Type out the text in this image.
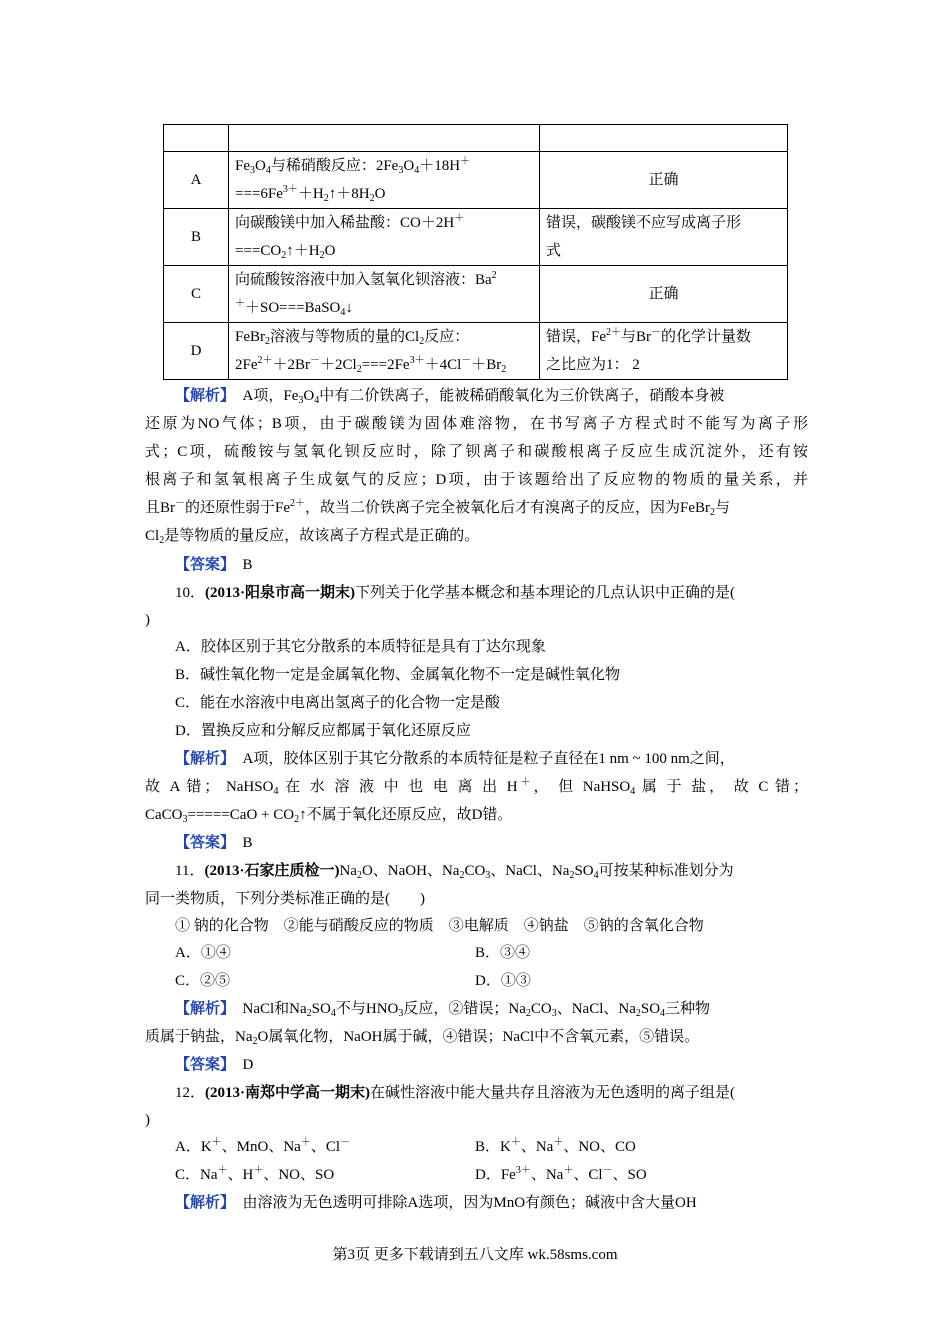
A	$Fe_3O_4$与稀硝酸反应：$2Fe_3O_4+18H^+$
$===6Fe^{3+}+H_2↑+8H_2O$	正确
B	向碳酸镁中加入稀盐酸：CO＋2H＋
$===CO_2↑+H_2O$	错误，碳酸镁不应写成离子形
式
C	向硫酸铵溶液中加入氢氧化钡溶液：Ba$^2$
＋＋SO===BaSO$_4$↓	正确
D	FeBr$_2$溶液与等物质的量的$Cl_2$反应：
$2Fe^{2+}+2Br^-+2Cl_2===2Fe^{3+}+4Cl^-+Br_2$	错误，$Fe^{2+}$与Br－的化学计量数
之比应为1： 2
【解析】　A项，$Fe_3O_4$中有二价铁离子，能被稀硝酸氧化为三价铁离子，硝酸本身被
还原为NO气体；B项，由于碳酸镁为固体难溶物，在书写离子方程式时不能写为离子形
式；C项，硫酸铵与氢氧化钡反应时，除了钡离子和碳酸根离子反应生成沉淀外，还有铵
根离子和氢氧根离子生成氨气的反应；D项，由于该题给出了反应物的物质的量关系，并
且Br－的还原性弱于$Fe^{2+}$，故当二价铁离子完全被氧化后才有溴离子的反应，因为FeBr$_2$与
$Cl_2$是等物质的量反应，故该离子方程式是正确的。
【答案】　 B
10．(2013·阳泉市高一期末)下列关于化学基本概念和基本理论的几点认识中正确的是(
)
A．胶体区别于其它分散系的本质特征是具有丁达尔现象
B．碱性氧化物一定是金属氧化物、金属氧化物不一定是碱性氧化物
C．能在水溶液中电离出氢离子的化合物一定是酸
D．置换反应和分解反应都属于氧化还原反应
【解析】　A项，胶体区别于其它分散系的本质特征是粒子直径在1 nm ~ 100 nm之间，
故 A 错； NaHSO$_4$ 在 水 溶 液 中 也 电 离 出 H＋， 但 NaHSO$_4$ 属 于 盐， 故 C 错；
CaCO$_3$=====CaO + $CO_2↑$不属于氧化还原反应，故D错。
【答案】　 B
11．(2013·石家庄质检一)$Na_2O$、NaOH、$Na_2CO_3$、NaCl、$Na_2SO_4$可按某种标准划分为
同一类物质，下列分类标准正确的是(　　)
① 钠的化合物　②能与硝酸反应的物质　③电解质　④钠盐　⑤钠的含氧化合物
A．①④	B．③④
C．②⑤	D．①③
【解析】　NaCl和$Na_2SO_4$不与$HNO_3$反应，②错误；$Na_2CO_3$、NaCl、$Na_2SO_4$三种物
质属于钠盐，$Na_2O$属氧化物，NaOH属于碱，④错误；NaCl中不含氧元素，⑤错误。
【答案】　 D
12．(2013·南郑中学高一期末)在碱性溶液中能大量共存且溶液为无色透明的离子组是(
)
A．K＋、MnO、Na＋、Cl－	B．K＋、Na＋、NO、CO
C．Na＋、H＋、NO、SO	D．$Fe^{3+}$、Na＋、Cl－、SO
【解析】　 由溶液为无色透明可排除A选项，因为MnO有颜色；碱液中含大量OH
第3页 更多下载请到五八文库 wk.58sms.com
